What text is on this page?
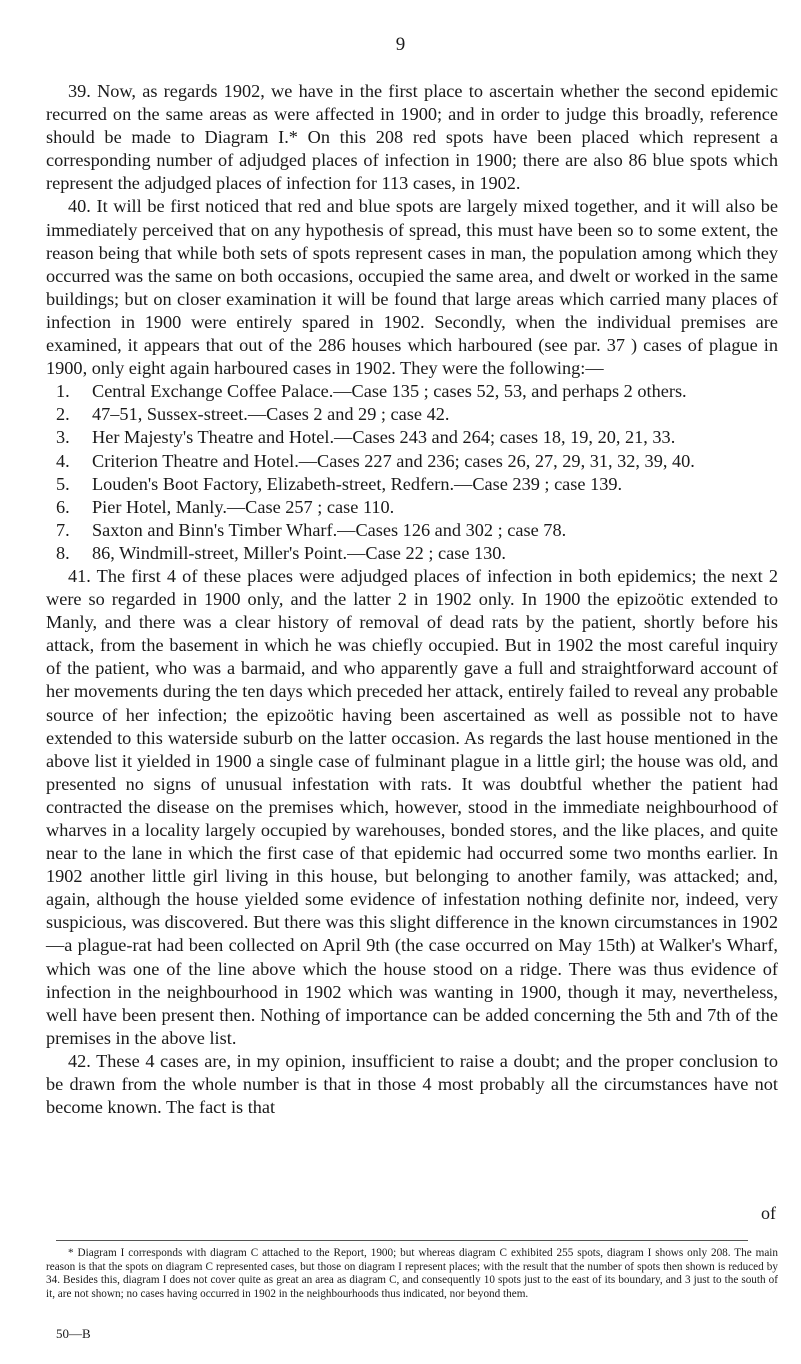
9

39. Now, as regards 1902, we have in the first place to ascertain whether the second epidemic recurred on the same areas as were affected in 1900; and in order to judge this broadly, reference should be made to Diagram I.* On this 208 red spots have been placed which represent a corresponding number of adjudged places of infection in 1900; there are also 86 blue spots which represent the adjudged places of infection for 113 cases, in 1902.

40. It will be first noticed that red and blue spots are largely mixed together, and it will also be immediately perceived that on any hypothesis of spread, this must have been so to some extent, the reason being that while both sets of spots represent cases in man, the population among which they occurred was the same on both occasions, occupied the same area, and dwelt or worked in the same buildings; but on closer examination it will be found that large areas which carried many places of infection in 1900 were entirely spared in 1902. Secondly, when the individual premises are examined, it appears that out of the 286 houses which harboured (see par. 37 ) cases of plague in 1900, only eight again harboured cases in 1902. They were the following:—

1. Central Exchange Coffee Palace.—Case 135 ; cases 52, 53, and perhaps 2 others.
2. 47–51, Sussex-street.—Cases 2 and 29 ; case 42.
3. Her Majesty's Theatre and Hotel.—Cases 243 and 264; cases 18, 19, 20, 21, 33.
4. Criterion Theatre and Hotel.—Cases 227 and 236; cases 26, 27, 29, 31, 32, 39, 40.
5. Louden's Boot Factory, Elizabeth-street, Redfern.—Case 239 ; case 139.
6. Pier Hotel, Manly.—Case 257 ; case 110.
7. Saxton and Binn's Timber Wharf.—Cases 126 and 302 ; case 78.
8. 86, Windmill-street, Miller's Point.—Case 22 ; case 130.

41. The first 4 of these places were adjudged places of infection in both epidemics; the next 2 were so regarded in 1900 only, and the latter 2 in 1902 only. In 1900 the epizoötic extended to Manly, and there was a clear history of removal of dead rats by the patient, shortly before his attack, from the basement in which he was chiefly occupied. But in 1902 the most careful inquiry of the patient, who was a barmaid, and who apparently gave a full and straightforward account of her movements during the ten days which preceded her attack, entirely failed to reveal any probable source of her infection; the epizoötic having been ascertained as well as possible not to have extended to this waterside suburb on the latter occasion. As regards the last house mentioned in the above list it yielded in 1900 a single case of fulminant plague in a little girl; the house was old, and presented no signs of unusual infestation with rats. It was doubtful whether the patient had contracted the disease on the premises which, however, stood in the immediate neighbourhood of wharves in a locality largely occupied by warehouses, bonded stores, and the like places, and quite near to the lane in which the first case of that epidemic had occurred some two months earlier. In 1902 another little girl living in this house, but belonging to another family, was attacked; and, again, although the house yielded some evidence of infestation nothing definite nor, indeed, very suspicious, was discovered. But there was this slight difference in the known circumstances in 1902—a plague-rat had been collected on April 9th (the case occurred on May 15th) at Walker's Wharf, which was one of the line above which the house stood on a ridge. There was thus evidence of infection in the neighbourhood in 1902 which was wanting in 1900, though it may, nevertheless, well have been present then. Nothing of importance can be added concerning the 5th and 7th of the premises in the above list.

42. These 4 cases are, in my opinion, insufficient to raise a doubt; and the proper conclusion to be drawn from the whole number is that in those 4 most probably all the circumstances have not become known. The fact is that

of

* Diagram I corresponds with diagram C attached to the Report, 1900; but whereas diagram C exhibited 255 spots, diagram I shows only 208. The main reason is that the spots on diagram C represented cases, but those on diagram I represent places; with the result that the number of spots then shown is reduced by 34. Besides this, diagram I does not cover quite as great an area as diagram C, and consequently 10 spots just to the east of its boundary, and 3 just to the south of it, are not shown; no cases having occurred in 1902 in the neighbourhoods thus indicated, nor beyond them.

50—B
